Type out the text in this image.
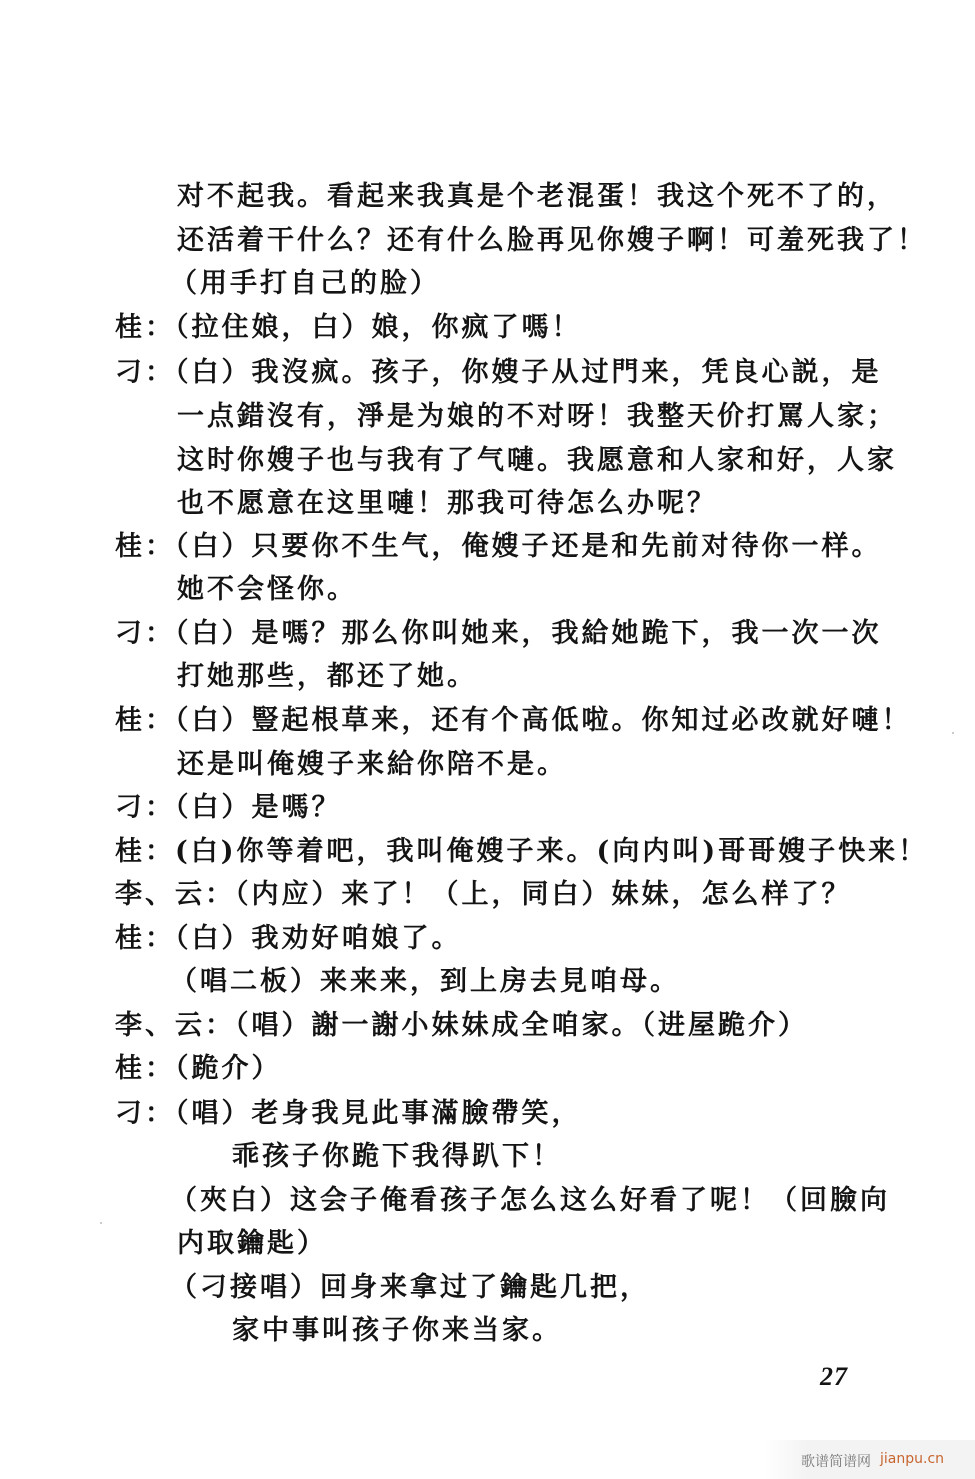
对不起我。看起来我真是个老混蛋！我这个死不了的，
还活着干什么？还有什么脸再见你嫂子啊！可羞死我了！
（用手打自己的脸）
桂：（拉住娘，白）娘，你疯了嗎！
刁：（白）我沒疯。孩子，你嫂子从过門来，凭良心説，是
一点錯沒有，淨是为娘的不对呀！我整天价打罵人家；
这时你嫂子也与我有了气嗹。我愿意和人家和好，人家
也不愿意在这里嗹！那我可待怎么办呢？
桂：（白）只要你不生气，俺嫂子还是和先前对待你一样。
她不会怪你。
刁：（白）是嗎？那么你叫她来，我給她跪下，我一次一次
打她那些，都还了她。
桂：（白）豎起根草来，还有个高低啦。你知过必改就好嗹！
还是叫俺嫂子来給你陪不是。
刁：（白）是嗎？
桂：(白)你等着吧，我叫俺嫂子来。(向内叫)哥哥嫂子快来！
李、云：（内应）来了！（上，同白）妹妹，怎么样了？
桂：（白）我劝好咱娘了。
（唱二板）来来来，到上房去見咱母。
李、云：（唱）謝一謝小妹妹成全咱家。（进屋跪介）
桂：（跪介）
刁：（唱）老身我見此事滿臉帶笑，
乖孩子你跪下我得趴下！
（夾白）这会子俺看孩子怎么这么好看了呢！（回臉向
内取鑰匙）
（刁接唱）回身来拿过了鑰匙几把，
家中事叫孩子你来当家。
27
歌谱简谱网 jianpu.cn
